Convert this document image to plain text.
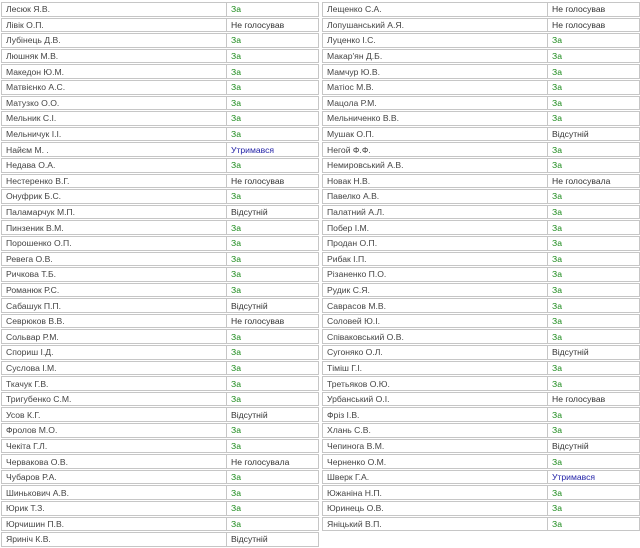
Лесюк Я.В.	За
Лівік О.П.	Не голосував
Лубінець Д.В.	За
Люшняк М.В.	За
Македон Ю.М.	За
Матвієнко А.С.	За
Матузко О.О.	За
Мельник С.І.	За
Мельничук І.І.	За
Найєм М. .	Утримався
Недава О.А.	За
Нестеренко В.Г.	Не голосував
Онуфрик Б.С.	За
Паламарчук М.П.	Відсутній
Пинзеник В.М.	За
Порошенко О.П.	За
Ревега О.В.	За
Ричкова Т.Б.	За
Романюк Р.С.	За
Сабашук П.П.	Відсутній
Севрюков В.В.	Не голосував
Сольвар Р.М.	За
Спориш І.Д.	За
Суслова І.М.	За
Ткачук Г.В.	За
Тригубенко С.М.	За
Усов К.Г.	Відсутній
Фролов М.О.	За
Чекіта Г.Л.	За
Червакова О.В.	Не голосувала
Чубаров Р.А.	За
Шинькович А.В.	За
Юрик Т.З.	За
Юрчишин П.В.	За
Яриніч К.В.	Відсутній
Лещенко С.А.	Не голосував
Лопушанський А.Я.	Не голосував
Луценко І.С.	За
Макар'ян Д.Б.	За
Мамчур Ю.В.	За
Матіос М.В.	За
Мацола Р.М.	За
Мельниченко В.В.	За
Мушак О.П.	Відсутній
Негой Ф.Ф.	За
Немировський А.В.	За
Новак Н.В.	Не голосувала
Павелко А.В.	За
Палатний А.Л.	За
Побер І.М.	За
Продан О.П.	За
Рибак І.П.	За
Різаненко П.О.	За
Рудик С.Я.	За
Саврасов М.В.	За
Соловей Ю.І.	За
Співаковський О.В.	За
Сугоняко О.Л.	Відсутній
Тіміш Г.І.	За
Третьяков О.Ю.	За
Урбанський О.І.	Не голосував
Фріз І.В.	За
Хлань С.В.	За
Чепинога В.М.	Відсутній
Черненко О.М.	За
Шверк Г.А.	Утримався
Южаніна Н.П.	За
Юринець О.В.	За
Яніцький В.П.	За
